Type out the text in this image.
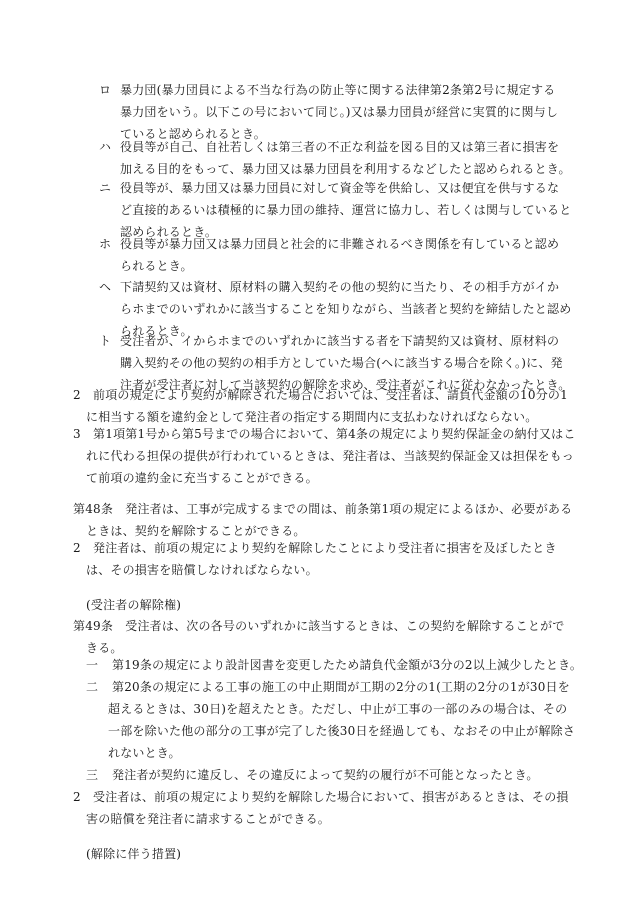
ロ 暴力団(暴力団員による不当な行為の防止等に関する法律第2条第2号に規定する
暴力団をいう。以下この号において同じ。)又は暴力団員が経営に実質的に関与し
ていると認められるとき。
ハ 役員等が自己、自社若しくは第三者の不正な利益を図る目的又は第三者に損害を
加える目的をもって、暴力団又は暴力団員を利用するなどしたと認められるとき。
ニ 役員等が、暴力団又は暴力団員に対して資金等を供給し、又は便宜を供与するな
ど直接的あるいは積極的に暴力団の維持、運営に協力し、若しくは関与していると
認められるとき。
ホ 役員等が暴力団又は暴力団員と社会的に非難されるべき関係を有していると認め
られるとき。
ヘ 下請契約又は資材、原材料の購入契約その他の契約に当たり、その相手方がイか
らホまでのいずれかに該当することを知りながら、当該者と契約を締結したと認め
られるとき。
ト 受注者が、イからホまでのいずれかに該当する者を下請契約又は資材、原材料の
購入契約その他の契約の相手方としていた場合(ヘに該当する場合を除く。)に、発
注者が受注者に対して当該契約の解除を求め、受注者がこれに従わなかったとき。
2　前項の規定により契約が解除された場合においては、受注者は、請負代金額の10分の1
に相当する額を違約金として発注者の指定する期間内に支払わなければならない。
3　第1項第1号から第5号までの場合において、第4条の規定により契約保証金の納付又はこ
れに代わる担保の提供が行われているときは、発注者は、当該契約保証金又は担保をもっ
て前項の違約金に充当することができる。
第48条　発注者は、工事が完成するまでの間は、前条第1項の規定によるほか、必要がある
ときは、契約を解除することができる。
2　発注者は、前項の規定により契約を解除したことにより受注者に損害を及ぼしたとき
は、その損害を賠償しなければならない。
(受注者の解除権)
第49条　受注者は、次の各号のいずれかに該当するときは、この契約を解除することがで
きる。
一 第19条の規定により設計図書を変更したため請負代金額が3分の2以上減少したとき。
二 第20条の規定による工事の施工の中止期間が工期の2分の1(工期の2分の1が30日を
超えるときは、30日)を超えたとき。ただし、中止が工事の一部のみの場合は、その
一部を除いた他の部分の工事が完了した後30日を経過しても、なおその中止が解除さ
れないとき。
三 発注者が契約に違反し、その違反によって契約の履行が不可能となったとき。
2　受注者は、前項の規定により契約を解除した場合において、損害があるときは、その損
害の賠償を発注者に請求することができる。
(解除に伴う措置)
